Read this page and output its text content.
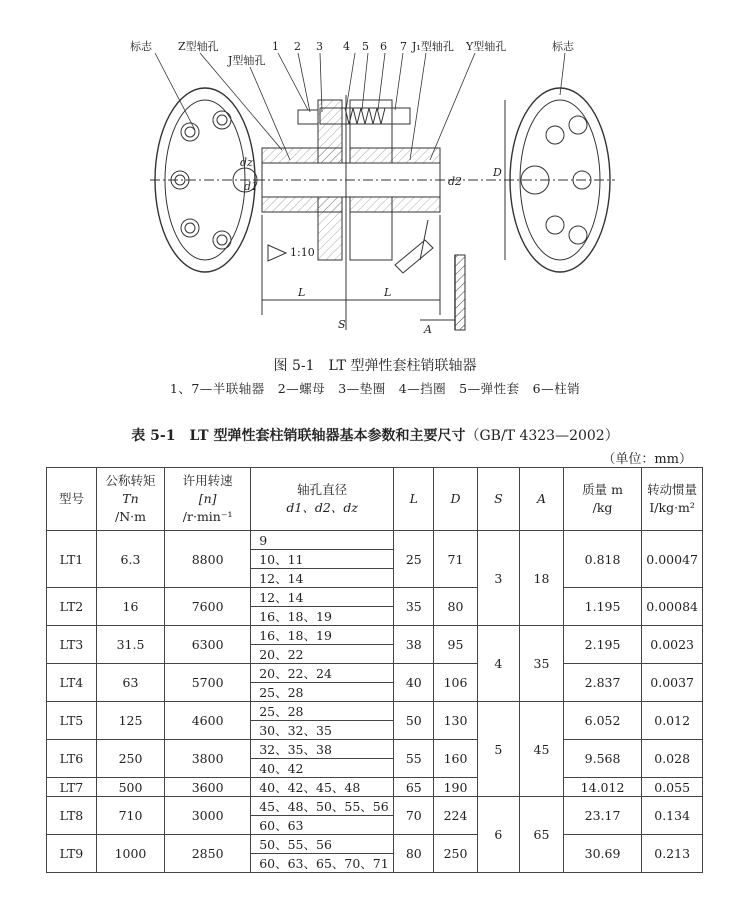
标志 Z型轴孔
J型轴孔
1 2 3 4 5 6 7 J₁型轴孔 Y型轴孔	标志
dz
d1	d2
D
1:10
L
S
L
A
图 5-1　LT 型弹性套柱销联轴器
1、7—半联轴器　2—螺母　3—垫圈　4—挡圈　5—弹性套　6—柱销
表 5-1　LT 型弹性套柱销联轴器基本参数和主要尺寸（GB/T 4323—2002）
（单位：mm）
型号	公称转矩
Tn
/N·m	许用转速
[n]
/r·min⁻¹	轴孔直径
d1、d2、dz	L	D	S	A	质量 m
/kg	转动惯量
I/kg·m²
LT1	6.3	8800	9	25	71	3	18	0.818	0.00047
			10、11						
			12、14						
LT2	16	7600	12、14	35	80			1.195	0.00084
			16、18、19						
LT3	31.5	6300	16、18、19	38	95	4	35	2.195	0.0023
			20、22						
LT4	63	5700	20、22、24	40	106			2.837	0.0037
			25、28						
LT5	125	4600	25、28	50	130	5	45	6.052	0.012
			30、32、35						
LT6	250	3800	32、35、38	55	160			9.568	0.028
			40、42						
LT7	500	3600	40、42、45、48	65	190			14.012	0.055
LT8	710	3000	45、48、50、55、56	70	224	6	65	23.17	0.134
			60、63						
LT9	1000	2850	50、55、56	80	250			30.69	0.213
			60、63、65、70、71						
